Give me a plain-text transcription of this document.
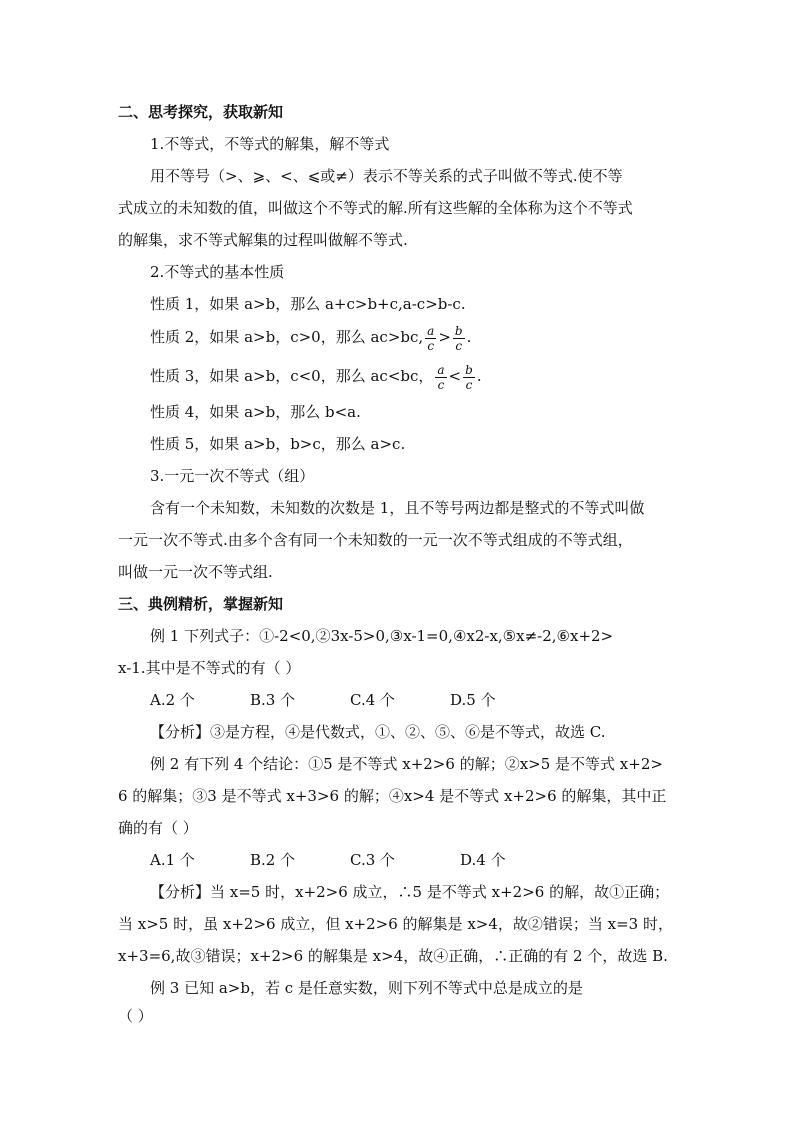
二、思考探究，获取新知
1.不等式，不等式的解集，解不等式
用不等号（>、⩾、<、⩽或≠）表示不等关系的式子叫做不等式.使不等
式成立的未知数的值，叫做这个不等式的解.所有这些解的全体称为这个不等式
的解集，求不等式解集的过程叫做解不等式.
2.不等式的基本性质
性质 1，如果 a>b，那么 a+c>b+c,a-c>b-c.
性质 2，如果 a>b，c>0，那么 ac>bc, $\frac{a}{c} > \frac{b}{c}$ .
性质 3，如果 a>b，c<0，那么 ac<bc， $\frac{a}{c} < \frac{b}{c}$ .
性质 4，如果 a>b，那么 b<a.
性质 5，如果 a>b，b>c，那么 a>c.
3.一元一次不等式（组）
含有一个未知数，未知数的次数是 1，且不等号两边都是整式的不等式叫做
一元一次不等式.由多个含有同一个未知数的一元一次不等式组成的不等式组，
叫做一元一次不等式组.
三、典例精析，掌握新知
例 1 下列式子：①-2<0,②3x-5>0,③x-1=0,④x2-x,⑤x≠-2,⑥x+2>
x-1.其中是不等式的有（ ）
A.2 个	B.3 个	C.4 个	D.5 个
【分析】③是方程，④是代数式，①、②、⑤、⑥是不等式，故选 C.
例 2 有下列 4 个结论：①5 是不等式 x+2>6 的解；②x>5 是不等式 x+2>
6 的解集；③3 是不等式 x+3>6 的解；④x>4 是不等式 x+2>6 的解集，其中正
确的有（ ）
A.1 个	B.2 个	C.3 个	D.4 个
【分析】当 x=5 时，x+2>6 成立，∴5 是不等式 x+2>6 的解，故①正确；
当 x>5 时，虽 x+2>6 成立，但 x+2>6 的解集是 x>4，故②错误；当 x=3 时，
x+3=6,故③错误；x+2>6 的解集是 x>4，故④正确，∴正确的有 2 个，故选 B.
例 3 已知 a>b，若 c 是任意实数，则下列不等式中总是成立的是
（ ）
